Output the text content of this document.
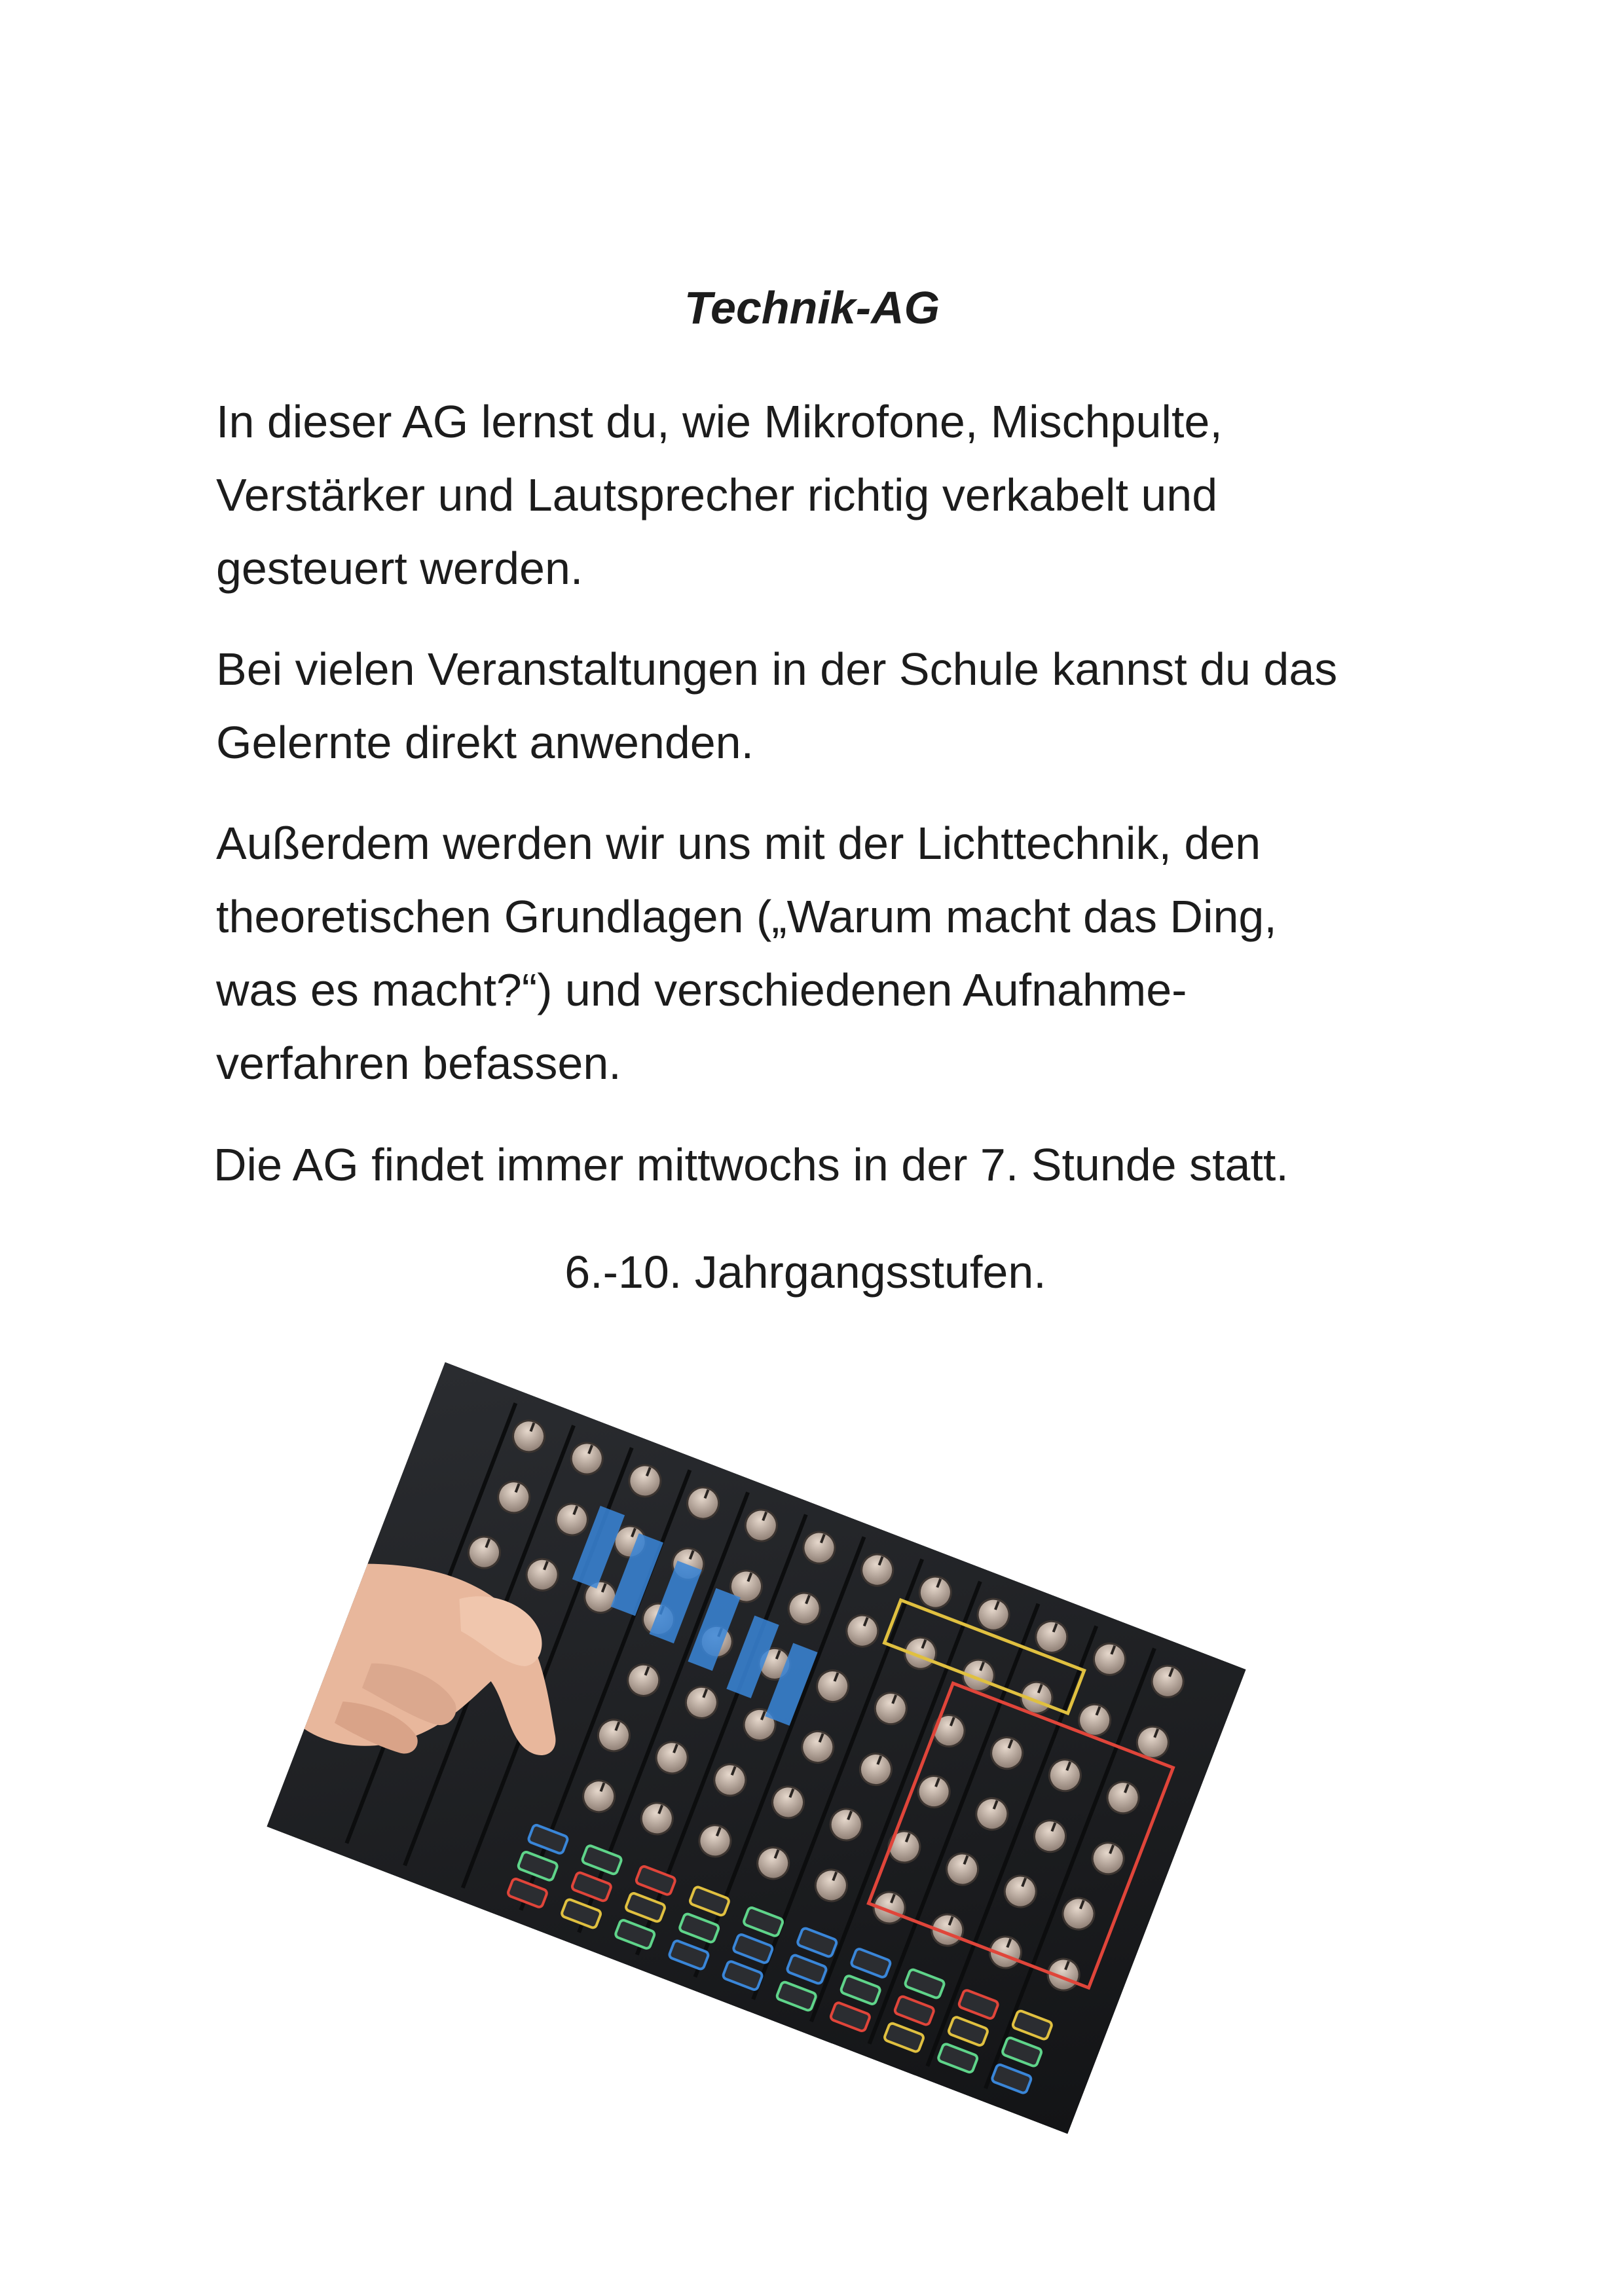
Technik-AG

In dieser AG lernst du, wie Mikrofone, Mischpulte,
Verstärker und Lautsprecher richtig verkabelt und
gesteuert werden.

Bei vielen Veranstaltungen in der Schule kannst du das
Gelernte direkt anwenden.

Außerdem werden wir uns mit der Lichttechnik, den
theoretischen Grundlagen („Warum macht das Ding,
was es macht?“) und verschiedenen Aufnahme-
verfahren befassen.

Die AG findet immer mittwochs in der 7. Stunde statt.

6.-10. Jahrgangsstufen.
